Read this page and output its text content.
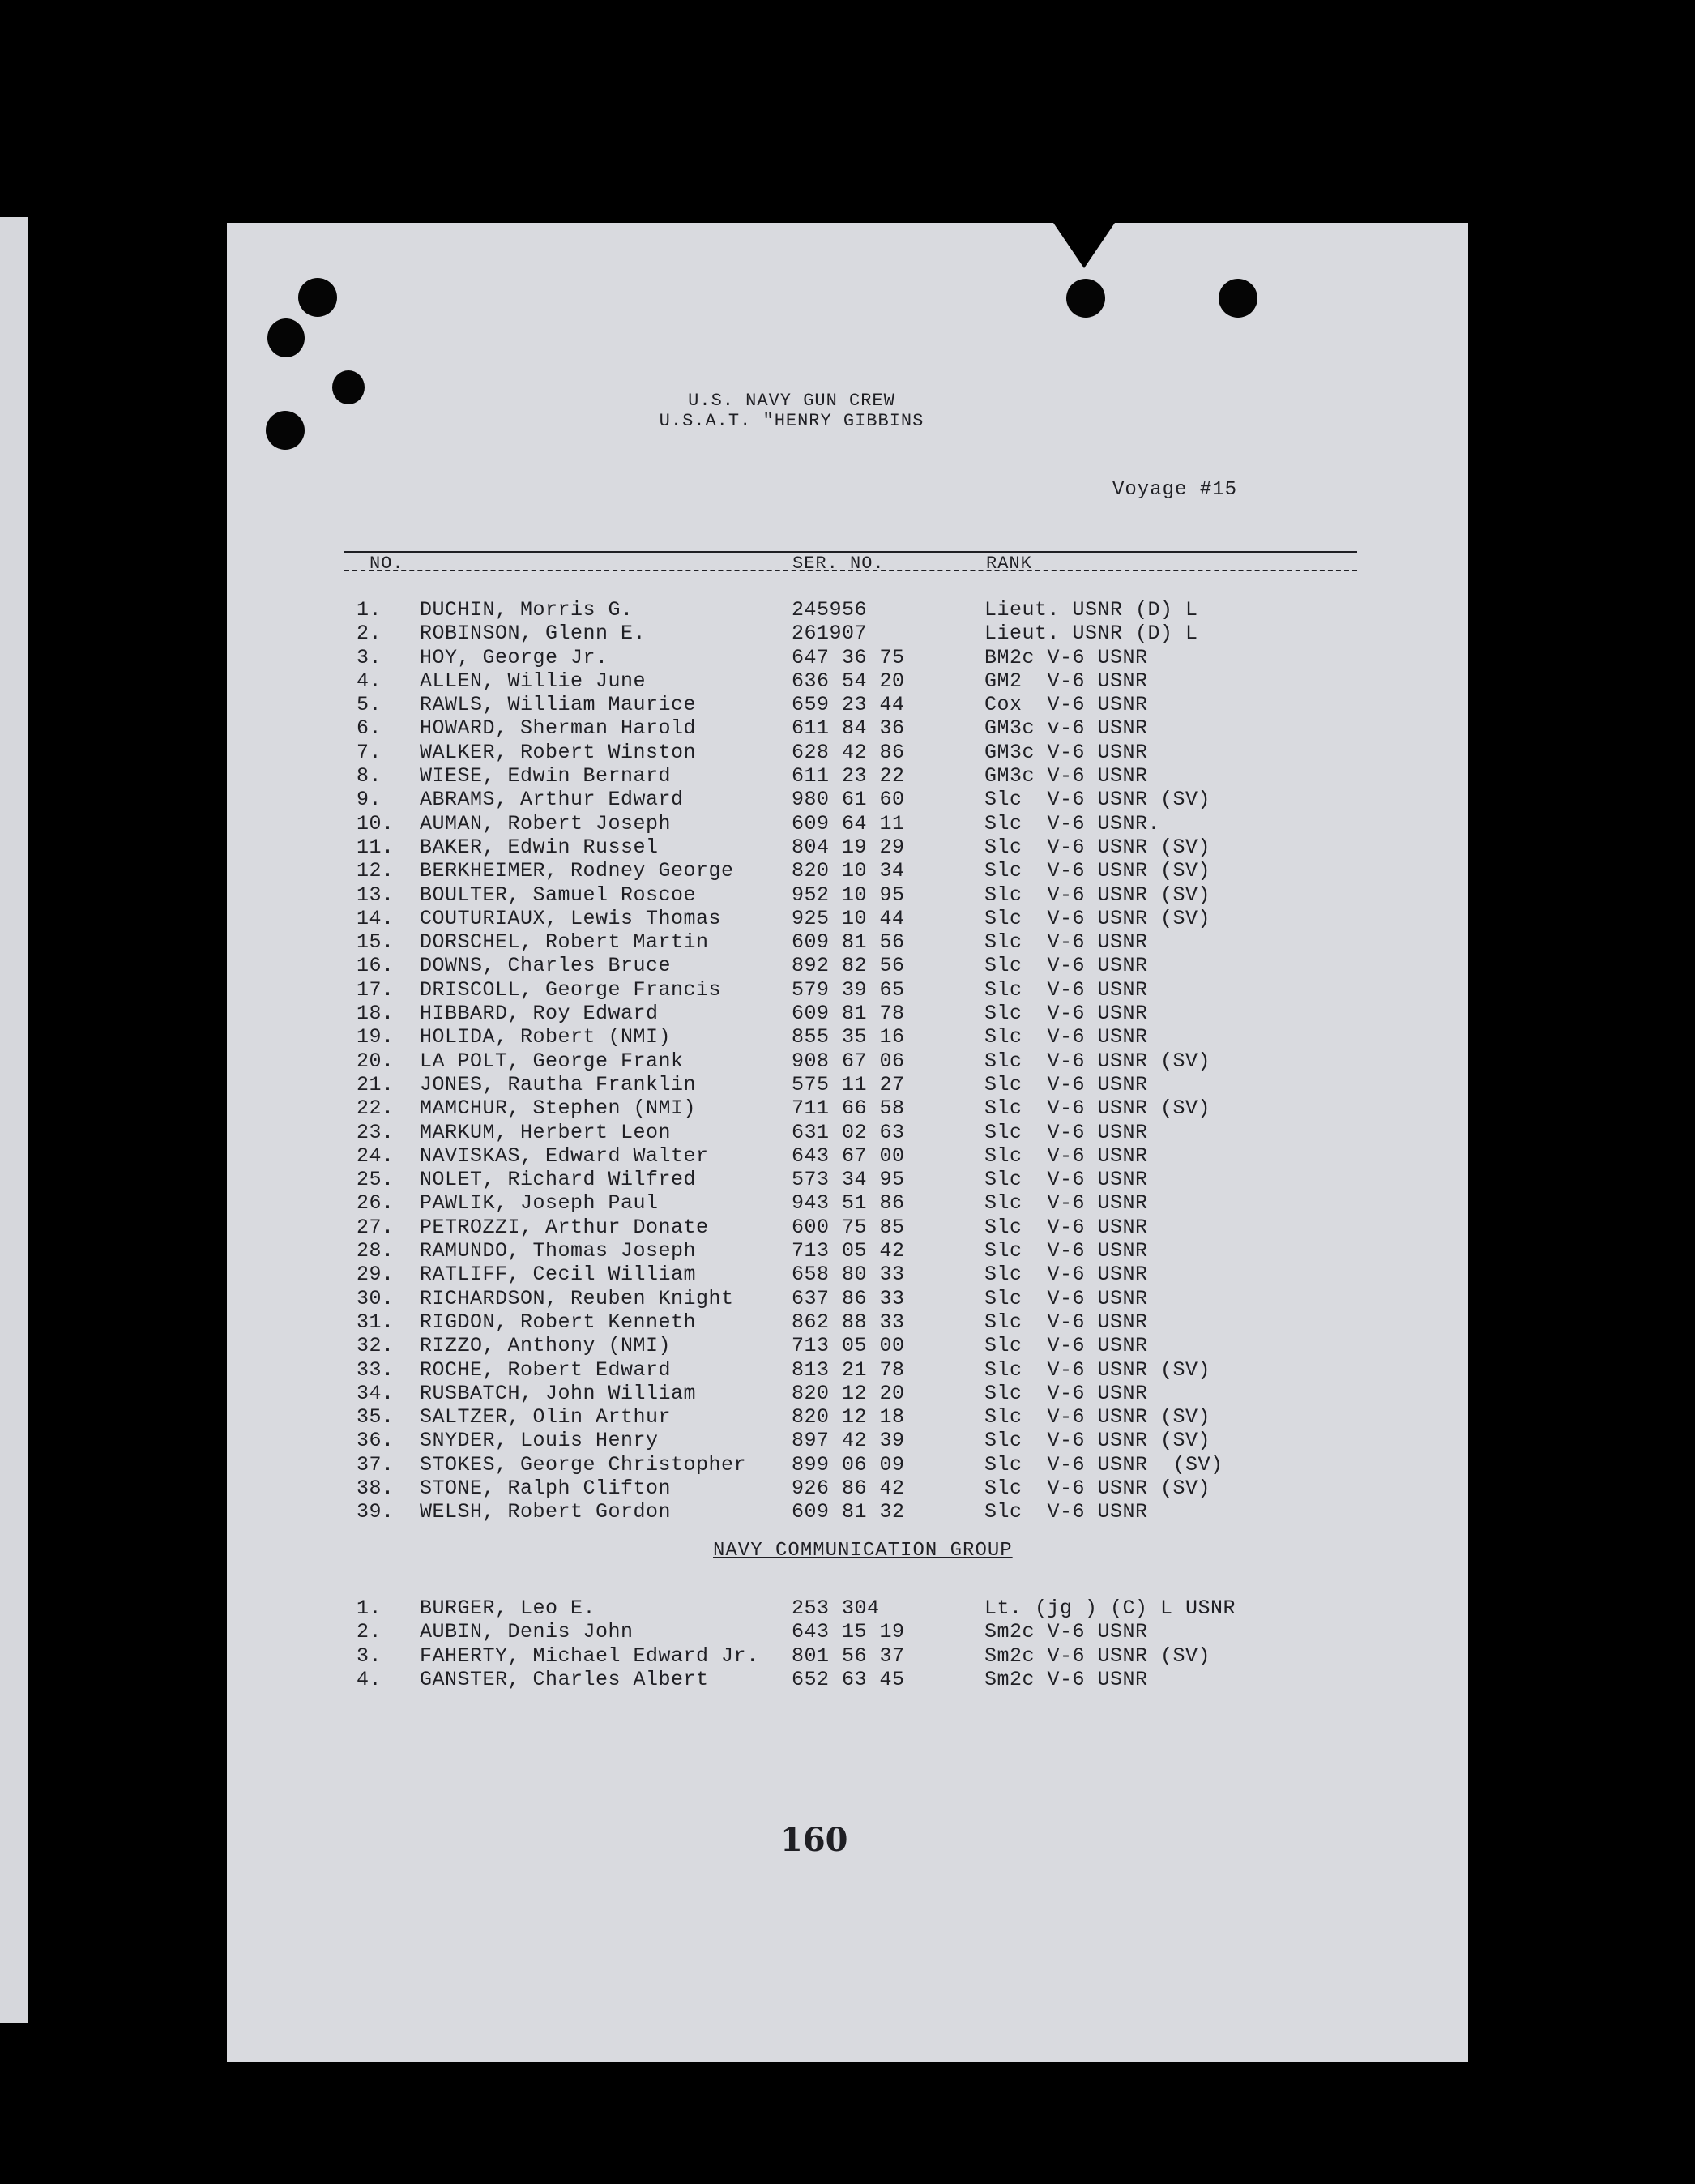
U.S. NAVY GUN CREW
U.S.A.T. "HENRY GIBBINS
Voyage #15
NO.	SER. NO.	RANK
1. DUCHIN, Morris G.	245956	Lieut. USNR (D) L
2. ROBINSON, Glenn E.	261907	Lieut. USNR (D) L
3. HOY, George Jr.	647 36 75	BM2c V-6 USNR
4. ALLEN, Willie June	636 54 20	GM2  V-6 USNR
5. RAWLS, William Maurice	659 23 44	Cox  V-6 USNR
6. HOWARD, Sherman Harold	611 84 36	GM3c v-6 USNR
7. WALKER, Robert Winston	628 42 86	GM3c V-6 USNR
8. WIESE, Edwin Bernard	611 23 22	GM3c V-6 USNR
9. ABRAMS, Arthur Edward	980 61 60	Slc  V-6 USNR (SV)
10. AUMAN, Robert Joseph	609 64 11	Slc  V-6 USNR.
11. BAKER, Edwin Russel	804 19 29	Slc  V-6 USNR (SV)
12. BERKHEIMER, Rodney George	820 10 34	Slc  V-6 USNR (SV)
13. BOULTER, Samuel Roscoe	952 10 95	Slc  V-6 USNR (SV)
14. COUTURIAUX, Lewis Thomas	925 10 44	Slc  V-6 USNR (SV)
15. DORSCHEL, Robert Martin	609 81 56	Slc  V-6 USNR
16. DOWNS, Charles Bruce	892 82 56	Slc  V-6 USNR
17. DRISCOLL, George Francis	579 39 65	Slc  V-6 USNR
18. HIBBARD, Roy Edward	609 81 78	Slc  V-6 USNR
19. HOLIDA, Robert (NMI)	855 35 16	Slc  V-6 USNR
20. LA POLT, George Frank	908 67 06	Slc  V-6 USNR (SV)
21. JONES, Rautha Franklin	575 11 27	Slc  V-6 USNR
22. MAMCHUR, Stephen (NMI)	711 66 58	Slc  V-6 USNR (SV)
23. MARKUM, Herbert Leon	631 02 63	Slc  V-6 USNR
24. NAVISKAS, Edward Walter	643 67 00	Slc  V-6 USNR
25. NOLET, Richard Wilfred	573 34 95	Slc  V-6 USNR
26. PAWLIK, Joseph Paul	943 51 86	Slc  V-6 USNR
27. PETROZZI, Arthur Donate	600 75 85	Slc  V-6 USNR
28. RAMUNDO, Thomas Joseph	713 05 42	Slc  V-6 USNR
29. RATLIFF, Cecil William	658 80 33	Slc  V-6 USNR
30. RICHARDSON, Reuben Knight	637 86 33	Slc  V-6 USNR
31. RIGDON, Robert Kenneth	862 88 33	Slc  V-6 USNR
32. RIZZO, Anthony (NMI)	713 05 00	Slc  V-6 USNR
33. ROCHE, Robert Edward	813 21 78	Slc  V-6 USNR (SV)
34. RUSBATCH, John William	820 12 20	Slc  V-6 USNR
35. SALTZER, Olin Arthur	820 12 18	Slc  V-6 USNR (SV)
36. SNYDER, Louis Henry	897 42 39	Slc  V-6 USNR (SV)
37. STOKES, George Christopher 899 06 09	Slc  V-6 USNR  (SV)
38. STONE, Ralph Clifton	926 86 42	Slc  V-6 USNR (SV)
39. WELSH, Robert Gordon	609 81 32	Slc  V-6 USNR
NAVY COMMUNICATION GROUP
1. BURGER, Leo E.	253 304	Lt. (jg ) (C) L USNR
2. AUBIN, Denis John	643 15 19	Sm2c V-6 USNR
3. FAHERTY, Michael Edward Jr. 801 56 37	Sm2c V-6 USNR (SV)
4. GANSTER, Charles Albert	652 63 45	Sm2c V-6 USNR
160
